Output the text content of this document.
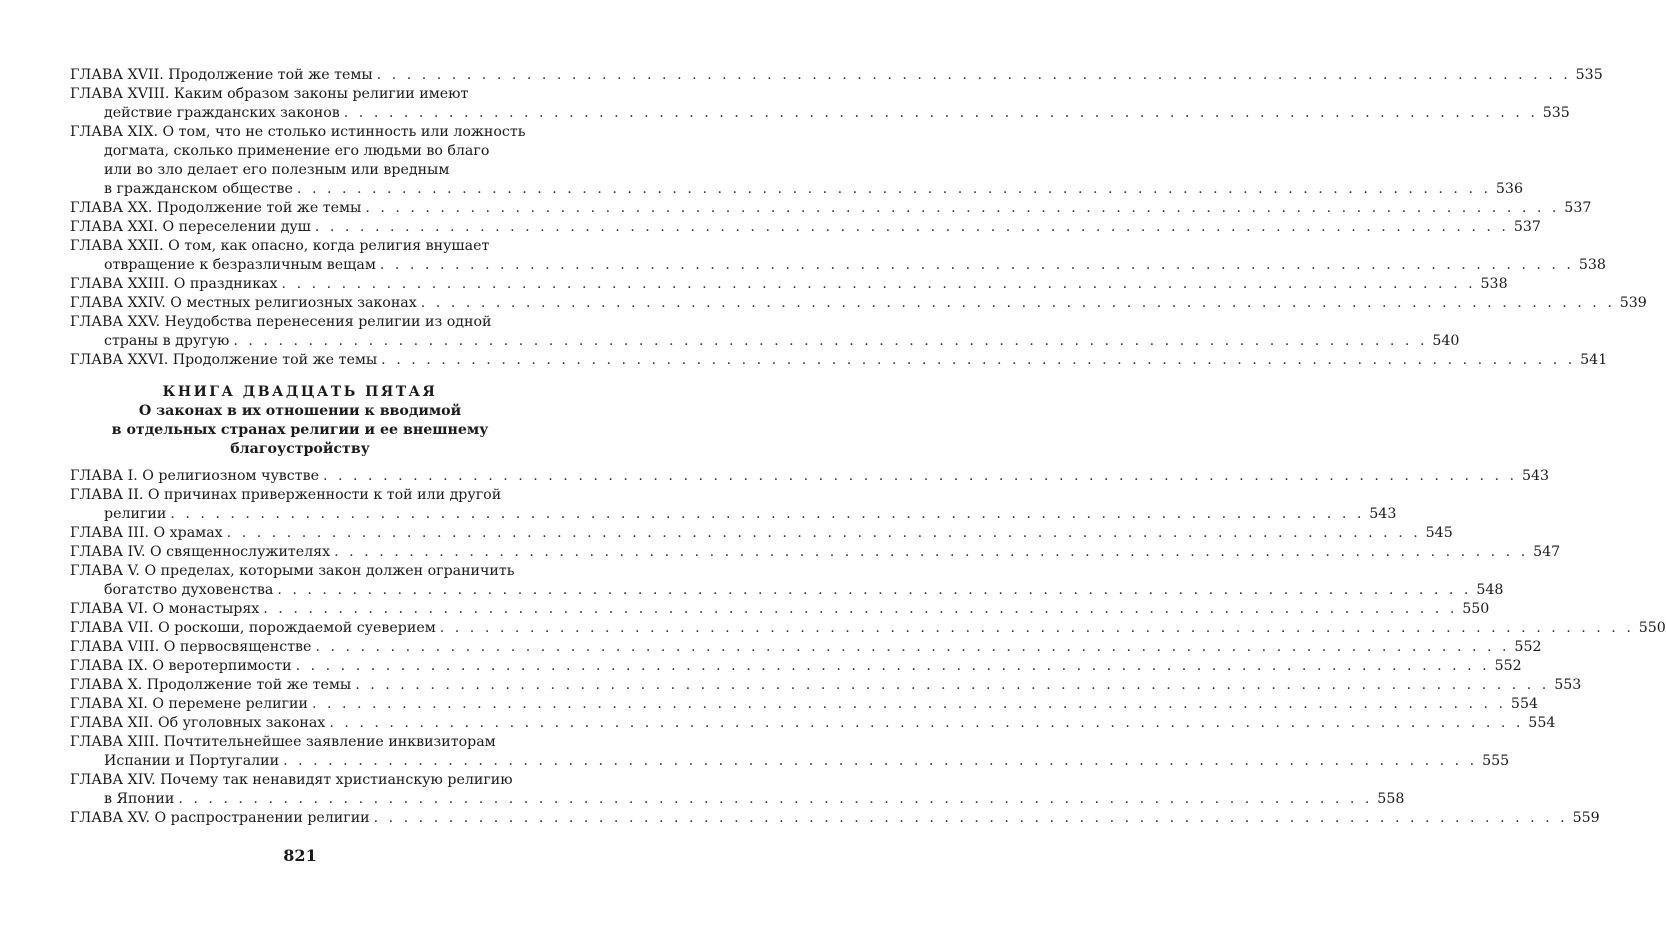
ГЛАВА XVII. Продолжение той же темы . . .	535
ГЛАВА XVIII. Каким образом законы религии имеют
действие гражданских законов . . .	535
ГЛАВА XIX. О том, что не столько истинность или ложность
догмата, сколько применение его людьми во благо
или во зло делает его полезным или вредным
в гражданском обществе . . .	536
ГЛАВА XX. Продолжение той же темы . . .	537
ГЛАВА XXI. О переселении душ . . .	537
ГЛАВА XXII. О том, как опасно, когда религия внушает
отвращение к безразличным вещам . . .	538
ГЛАВА XXIII. О праздниках . . .	538
ГЛАВА XXIV. О местных религиозных законах . . .	539
ГЛАВА XXV. Неудобства перенесения религии из одной
страны в другую . . .	540
ГЛАВА XXVI. Продолжение той же темы . . .	541
КНИГА ДВАДЦАТЬ ПЯТАЯ
О законах в их отношении к вводимой
в отдельных странах религии и ее внешнему
благоустройству
ГЛАВА I. О религиозном чувстве . . .	543
ГЛАВА II. О причинах приверженности к той или другой
религии . . .	543
ГЛАВА III. О храмах . . .	545
ГЛАВА IV. О священнослужителях . . .	547
ГЛАВА V. О пределах, которыми закон должен ограничить
богатство духовенства . . .	548
ГЛАВА VI. О монастырях . . .	550
ГЛАВА VII. О роскоши, порождаемой суеверием . . .	550
ГЛАВА VIII. О первосвященстве . . .	552
ГЛАВА IX. О веротерпимости . . .	552
ГЛАВА X. Продолжение той же темы . . .	553
ГЛАВА XI. О перемене религии . . .	554
ГЛАВА XII. Об уголовных законах . . .	554
ГЛАВА XIII. Почтительнейшее заявление инквизиторам
Испании и Португалии . . .	555
ГЛАВА XIV. Почему так ненавидят христианскую религию
в Японии . . .	558
ГЛАВА XV. О распространении религии . . .	559
821
